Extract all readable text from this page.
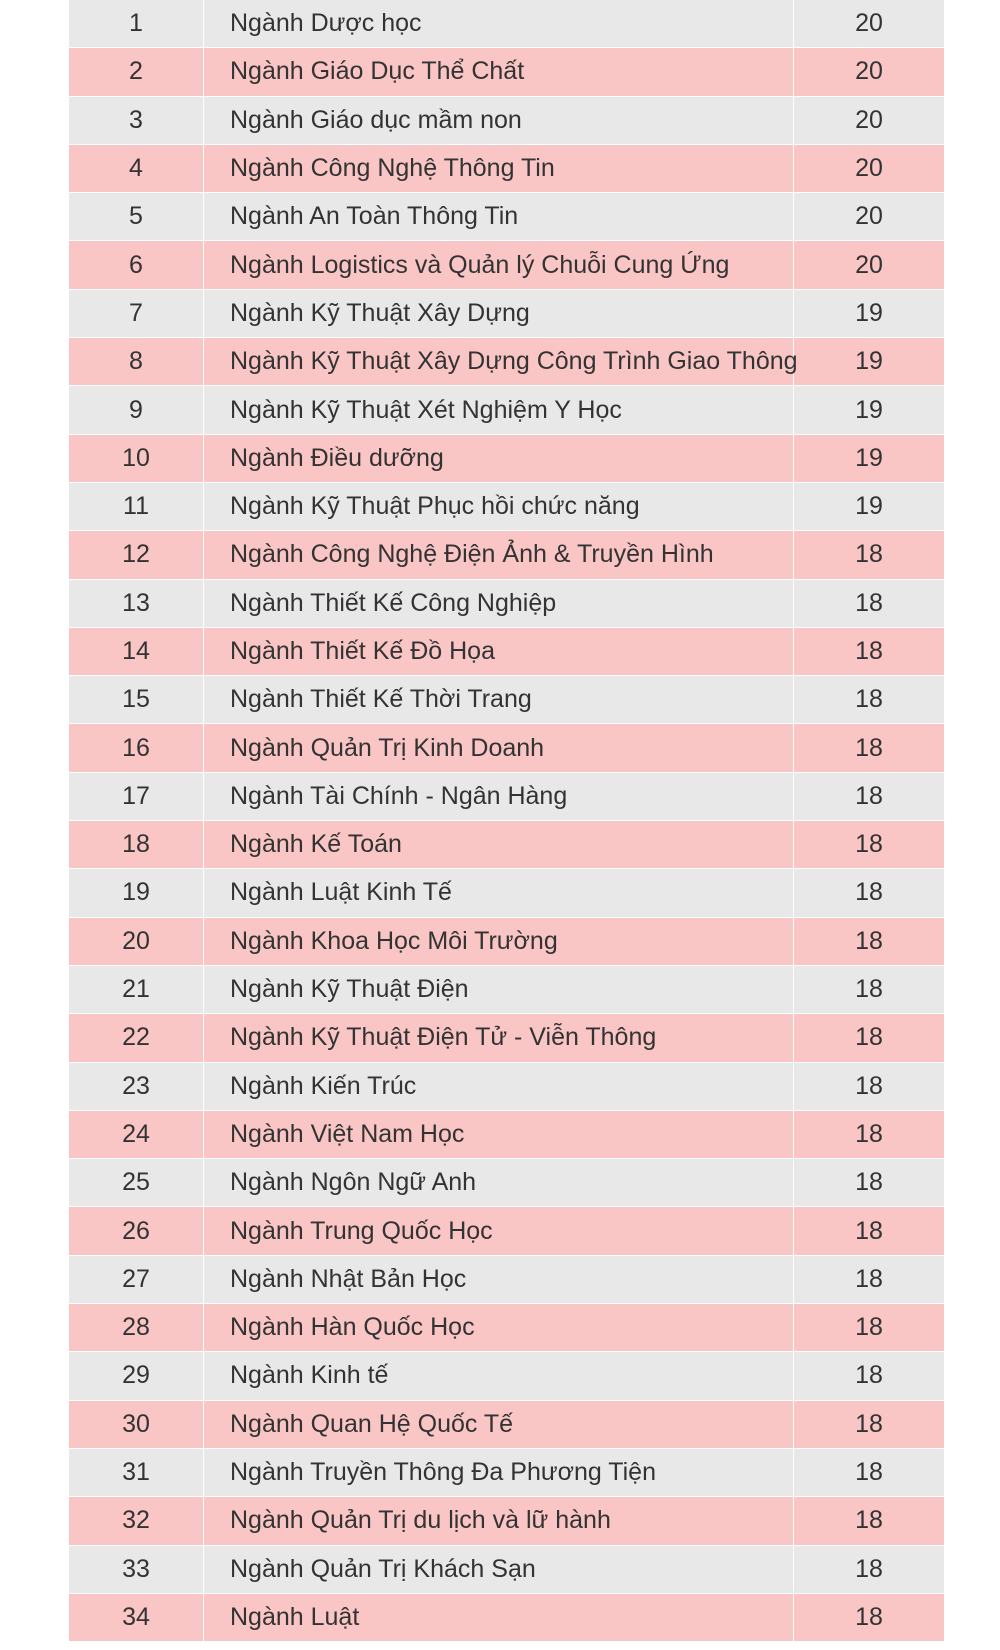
1	Ngành Dược học	20
2	Ngành Giáo Dục Thể Chất	20
3	Ngành Giáo dục mầm non	20
4	Ngành Công Nghệ Thông Tin	20
5	Ngành An Toàn Thông Tin	20
6	Ngành Logistics và Quản lý Chuỗi Cung Ứng	20
7	Ngành Kỹ Thuật Xây Dựng	19
8	Ngành Kỹ Thuật Xây Dựng Công Trình Giao Thông	19
9	Ngành Kỹ Thuật Xét Nghiệm Y Học	19
10	Ngành Điều dưỡng	19
11	Ngành Kỹ Thuật Phục hồi chức năng	19
12	Ngành Công Nghệ Điện Ảnh & Truyền Hình	18
13	Ngành Thiết Kế Công Nghiệp	18
14	Ngành Thiết Kế Đồ Họa	18
15	Ngành Thiết Kế Thời Trang	18
16	Ngành Quản Trị Kinh Doanh	18
17	Ngành Tài Chính - Ngân Hàng	18
18	Ngành Kế Toán	18
19	Ngành Luật Kinh Tế	18
20	Ngành Khoa Học Môi Trường	18
21	Ngành Kỹ Thuật Điện	18
22	Ngành Kỹ Thuật Điện Tử - Viễn Thông	18
23	Ngành Kiến Trúc	18
24	Ngành Việt Nam Học	18
25	Ngành Ngôn Ngữ Anh	18
26	Ngành Trung Quốc Học	18
27	Ngành Nhật Bản Học	18
28	Ngành Hàn Quốc Học	18
29	Ngành Kinh tế	18
30	Ngành Quan Hệ Quốc Tế	18
31	Ngành Truyền Thông Đa Phương Tiện	18
32	Ngành Quản Trị du lịch và lữ hành	18
33	Ngành Quản Trị Khách Sạn	18
34	Ngành Luật	18
